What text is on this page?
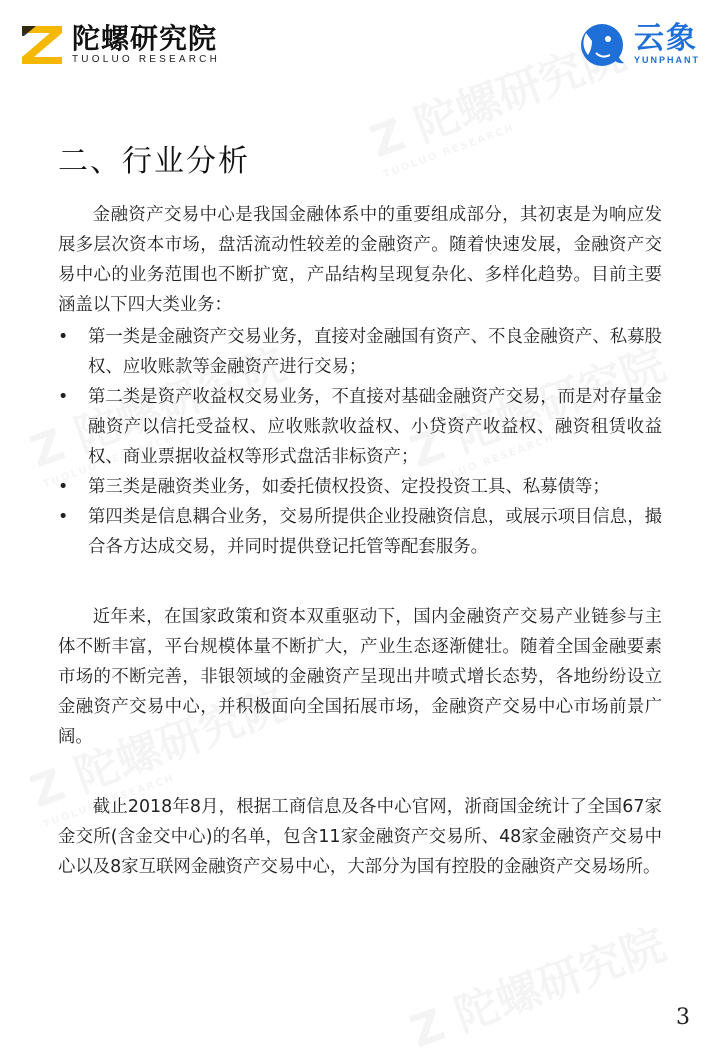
陀螺研究院
TUOLUO RESEARCH
云象
YUNPHANT
二、行业分析

金融资产交易中心是我国金融体系中的重要组成部分，其初衷是为响应发展多层次资本市场，盘活流动性较差的金融资产。随着快速发展，金融资产交易中心的业务范围也不断扩宽，产品结构呈现复杂化、多样化趋势。目前主要涵盖以下四大类业务：

• 第一类是金融资产交易业务，直接对金融国有资产、不良金融资产、私募股权、应收账款等金融资产进行交易；
• 第二类是资产收益权交易业务，不直接对基础金融资产交易，而是对存量金融资产以信托受益权、应收账款收益权、小贷资产收益权、融资租赁收益权、商业票据收益权等形式盘活非标资产；
• 第三类是融资类业务，如委托债权投资、定投投资工具、私募债等；
• 第四类是信息耦合业务，交易所提供企业投融资信息，或展示项目信息，撮合各方达成交易，并同时提供登记托管等配套服务。

近年来，在国家政策和资本双重驱动下，国内金融资产交易产业链参与主体不断丰富，平台规模体量不断扩大，产业生态逐渐健壮。随着全国金融要素市场的不断完善，非银领域的金融资产呈现出井喷式增长态势，各地纷纷设立金融资产交易中心，并积极面向全国拓展市场，金融资产交易中心市场前景广阔。

截止2018年8月，根据工商信息及各中心官网，浙商国金统计了全国67家金交所(含金交中心)的名单，包含11家金融资产交易所、48家金融资产交易中心以及8家互联网金融资产交易中心，大部分为国有控股的金融资产交易场所。

3
